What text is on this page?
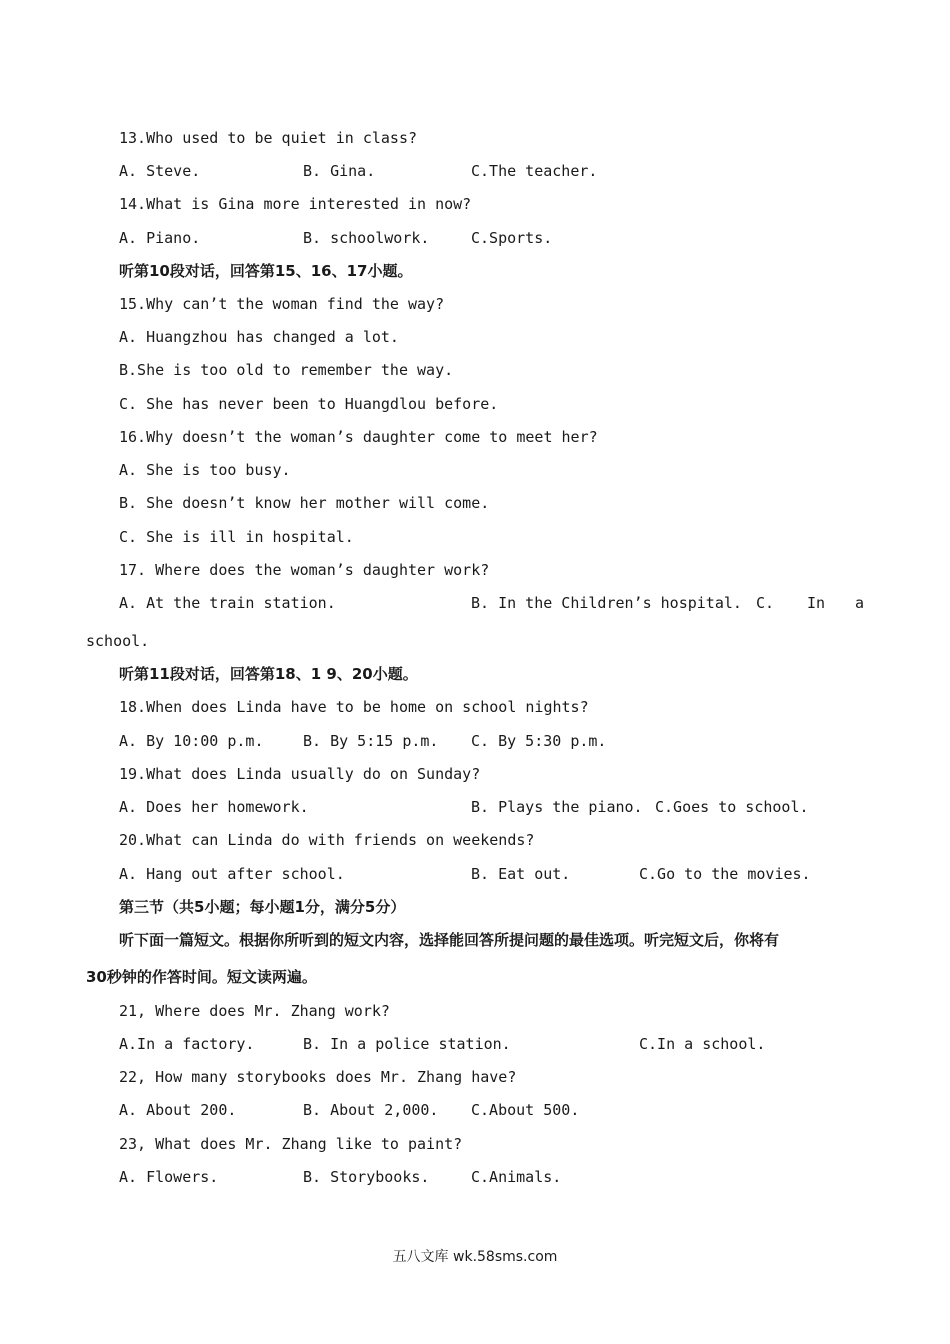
13.Who used to be quiet in class?
A. Steve.	B. Gina.	C.The teacher.
14.What is Gina more interested in now?
A. Piano.	B. schoolwork.	C.Sports.
听第10段对话，回答第15、16、17小题。
15.Why can’t the woman find the way?
A. Huangzhou has changed a lot.
B.She is too old to remember the way.
C. She has never been to Huangdlou before.
16.Why doesn’t the woman’s daughter come to meet her?
A. She is too busy.
B. She doesn’t know her mother will come.
C. She is ill in hospital.
17. Where does the woman’s daughter work?
A. At the train station.	B. In the Children’s hospital. C. In a
school.
听第11段对话，回答第18、1 9、20小题。
18.When does Linda have to be home on school nights?
A. By 10:00 p.m.	B. By 5:15 p.m. C. By 5:30 p.m.
19.What does Linda usually do on Sunday?
A. Does her homework.	B. Plays the piano. C.Goes to school.
20.What can Linda do with friends on weekends?
A. Hang out after school.	B. Eat out.	C.Go to the movies.
第三节（共5小题；每小题1分，满分5分）
听下面一篇短文。根据你所听到的短文内容，选择能回答所提问题的最佳选项。听完短文后，你将有
30秒钟的作答时间。短文读两遍。
21, Where does Mr. Zhang work?
A.In a factory.	B. In a police station.	C.In a school.
22, How many storybooks does Mr. Zhang have?
A. About 200.	B. About 2,000. C.About 500.
23, What does Mr. Zhang like to paint?
A. Flowers.	B. Storybooks.	C.Animals.
五八文库 wk.58sms.com
